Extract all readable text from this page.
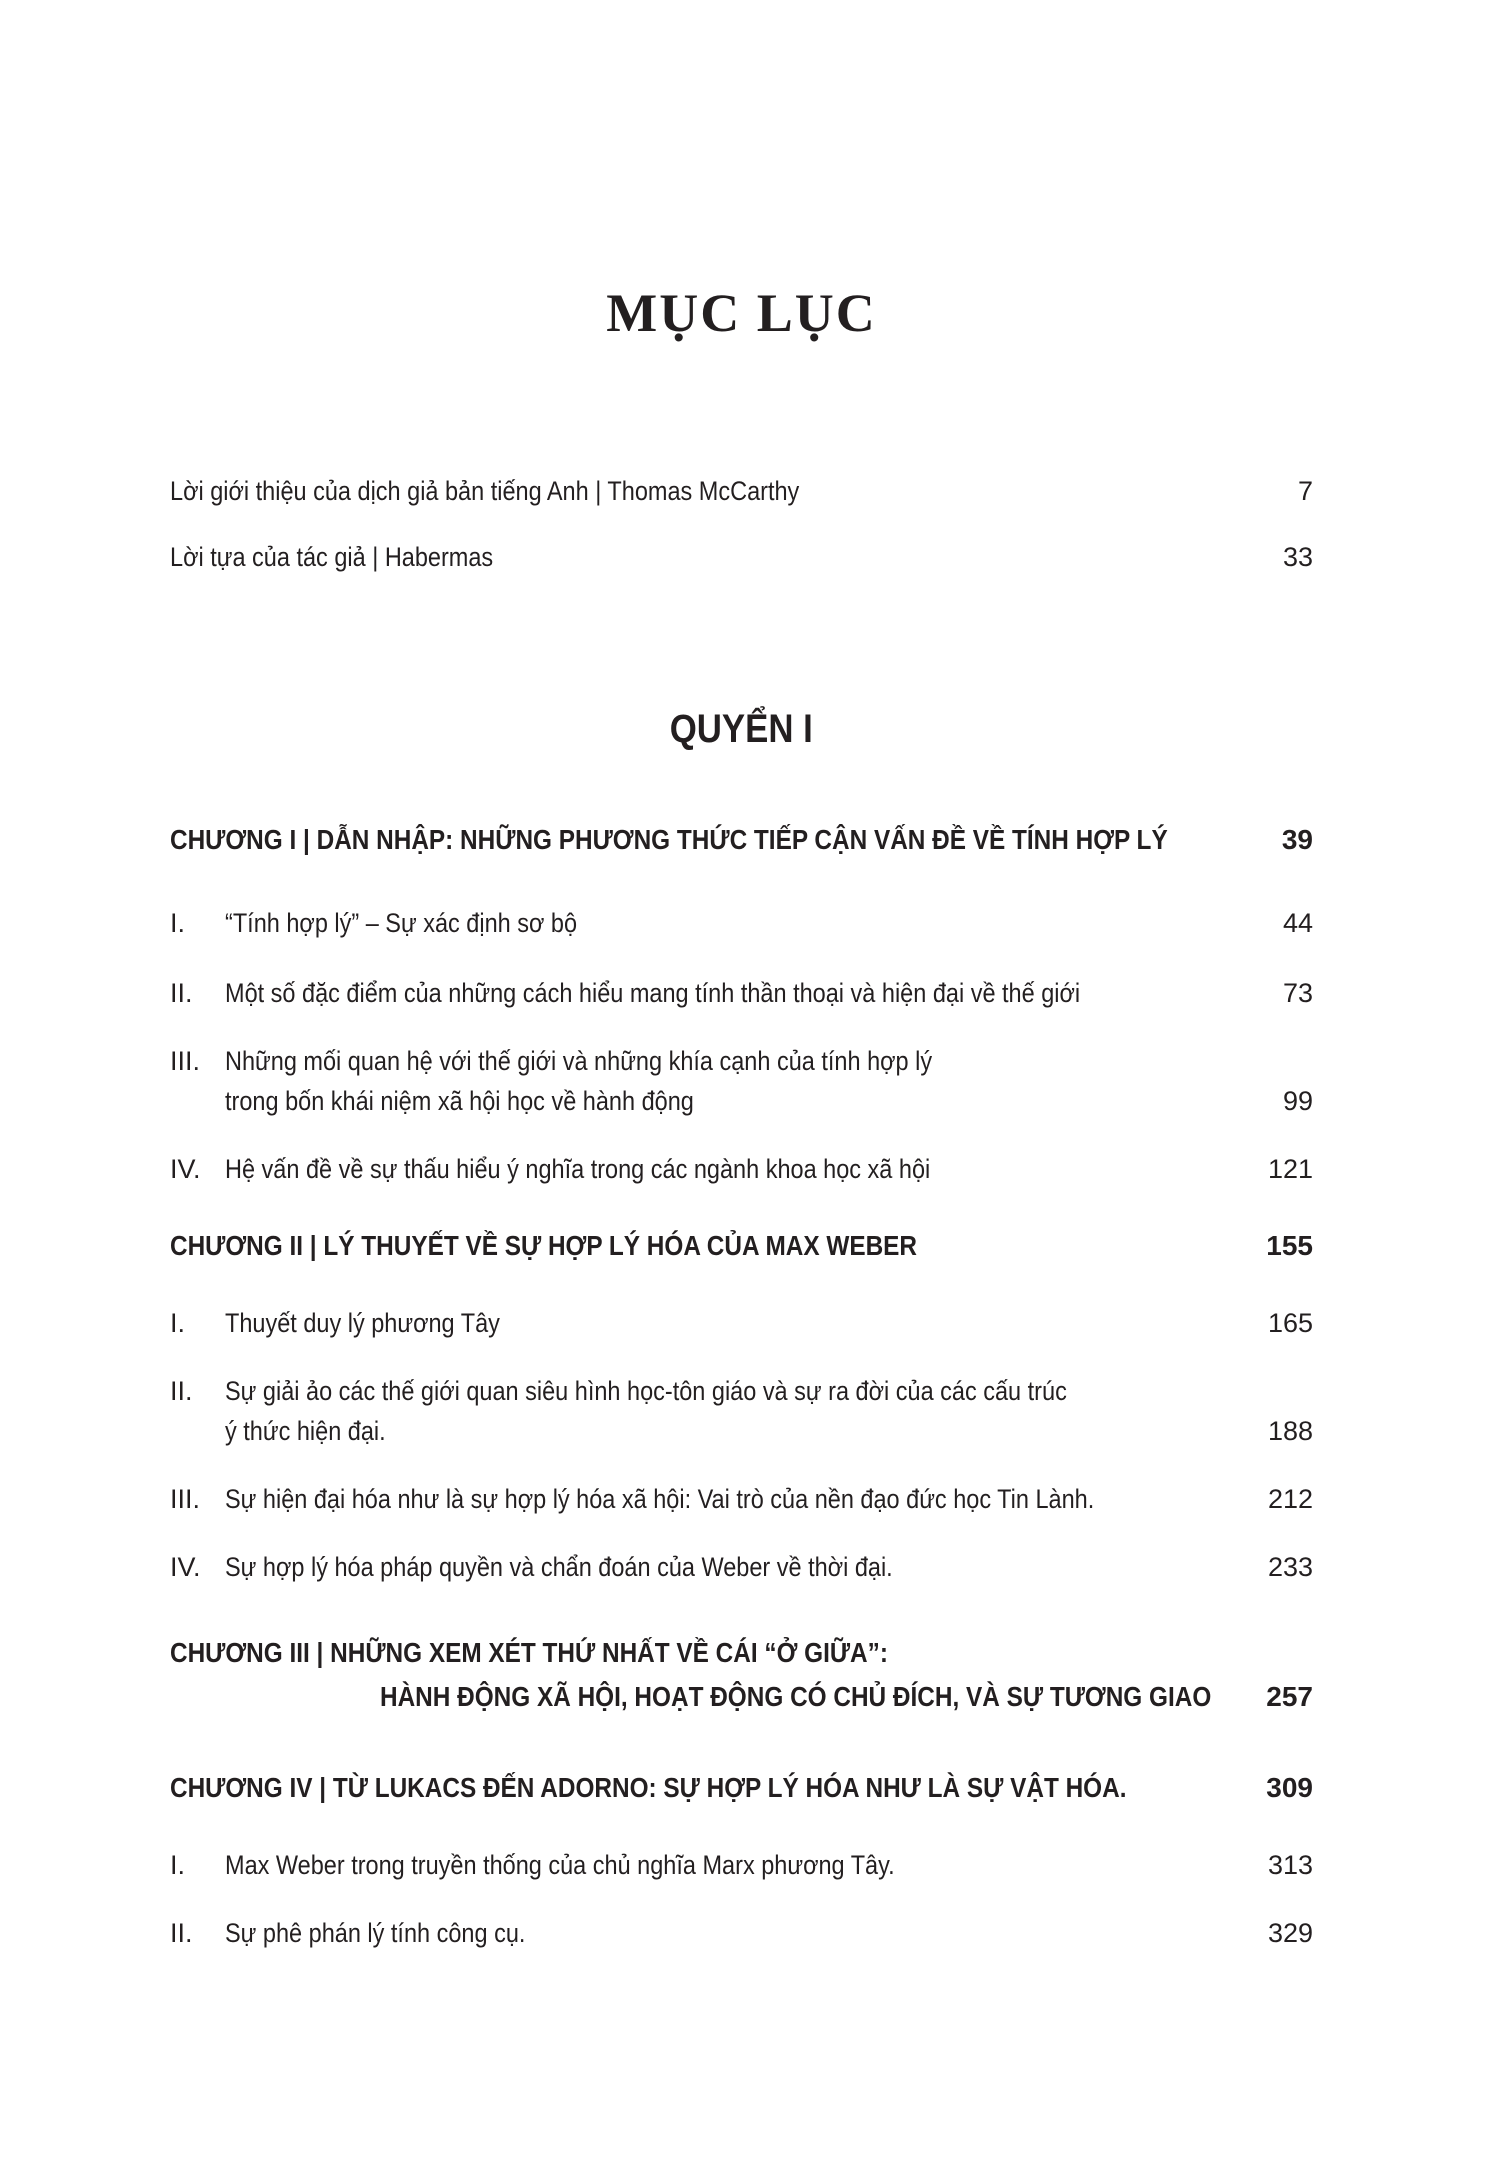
MỤC LỤC
Lời giới thiệu của dịch giả bản tiếng Anh | Thomas McCarthy	7
Lời tựa của tác giả | Habermas	33
QUYỂN I
CHƯƠNG I | DẪN NHẬP: NHỮNG PHƯƠNG THỨC TIẾP CẬN VẤN ĐỀ VỀ TÍNH HỢP LÝ	39
I.	“Tính hợp lý” – Sự xác định sơ bộ	44
II.	Một số đặc điểm của những cách hiểu mang tính thần thoại và hiện đại về thế giới	73
III. Những mối quan hệ với thế giới và những khía cạnh của tính hợp lý
trong bốn khái niệm xã hội học về hành động	99
IV. Hệ vấn đề về sự thấu hiểu ý nghĩa trong các ngành khoa học xã hội	121
CHƯƠNG II | LÝ THUYẾT VỀ SỰ HỢP LÝ HÓA CỦA MAX WEBER	155
I.	Thuyết duy lý phương Tây	165
II.	Sự giải ảo các thế giới quan siêu hình học-tôn giáo và sự ra đời của các cấu trúc
ý thức hiện đại.	188
III. Sự hiện đại hóa như là sự hợp lý hóa xã hội: Vai trò của nền đạo đức học Tin Lành.	212
IV. Sự hợp lý hóa pháp quyền và chẩn đoán của Weber về thời đại.	233
CHƯƠNG III | NHỮNG XEM XÉT THỨ NHẤT VỀ CÁI “Ở GIỮA”:
HÀNH ĐỘNG XÃ HỘI, HOẠT ĐỘNG CÓ CHỦ ĐÍCH, VÀ SỰ TƯƠNG GIAO	257
CHƯƠNG IV | TỪ LUKACS ĐẾN ADORNO: SỰ HỢP LÝ HÓA NHƯ LÀ SỰ VẬT HÓA.	309
I.	Max Weber trong truyền thống của chủ nghĩa Marx phương Tây.	313
II.	Sự phê phán lý tính công cụ.	329
